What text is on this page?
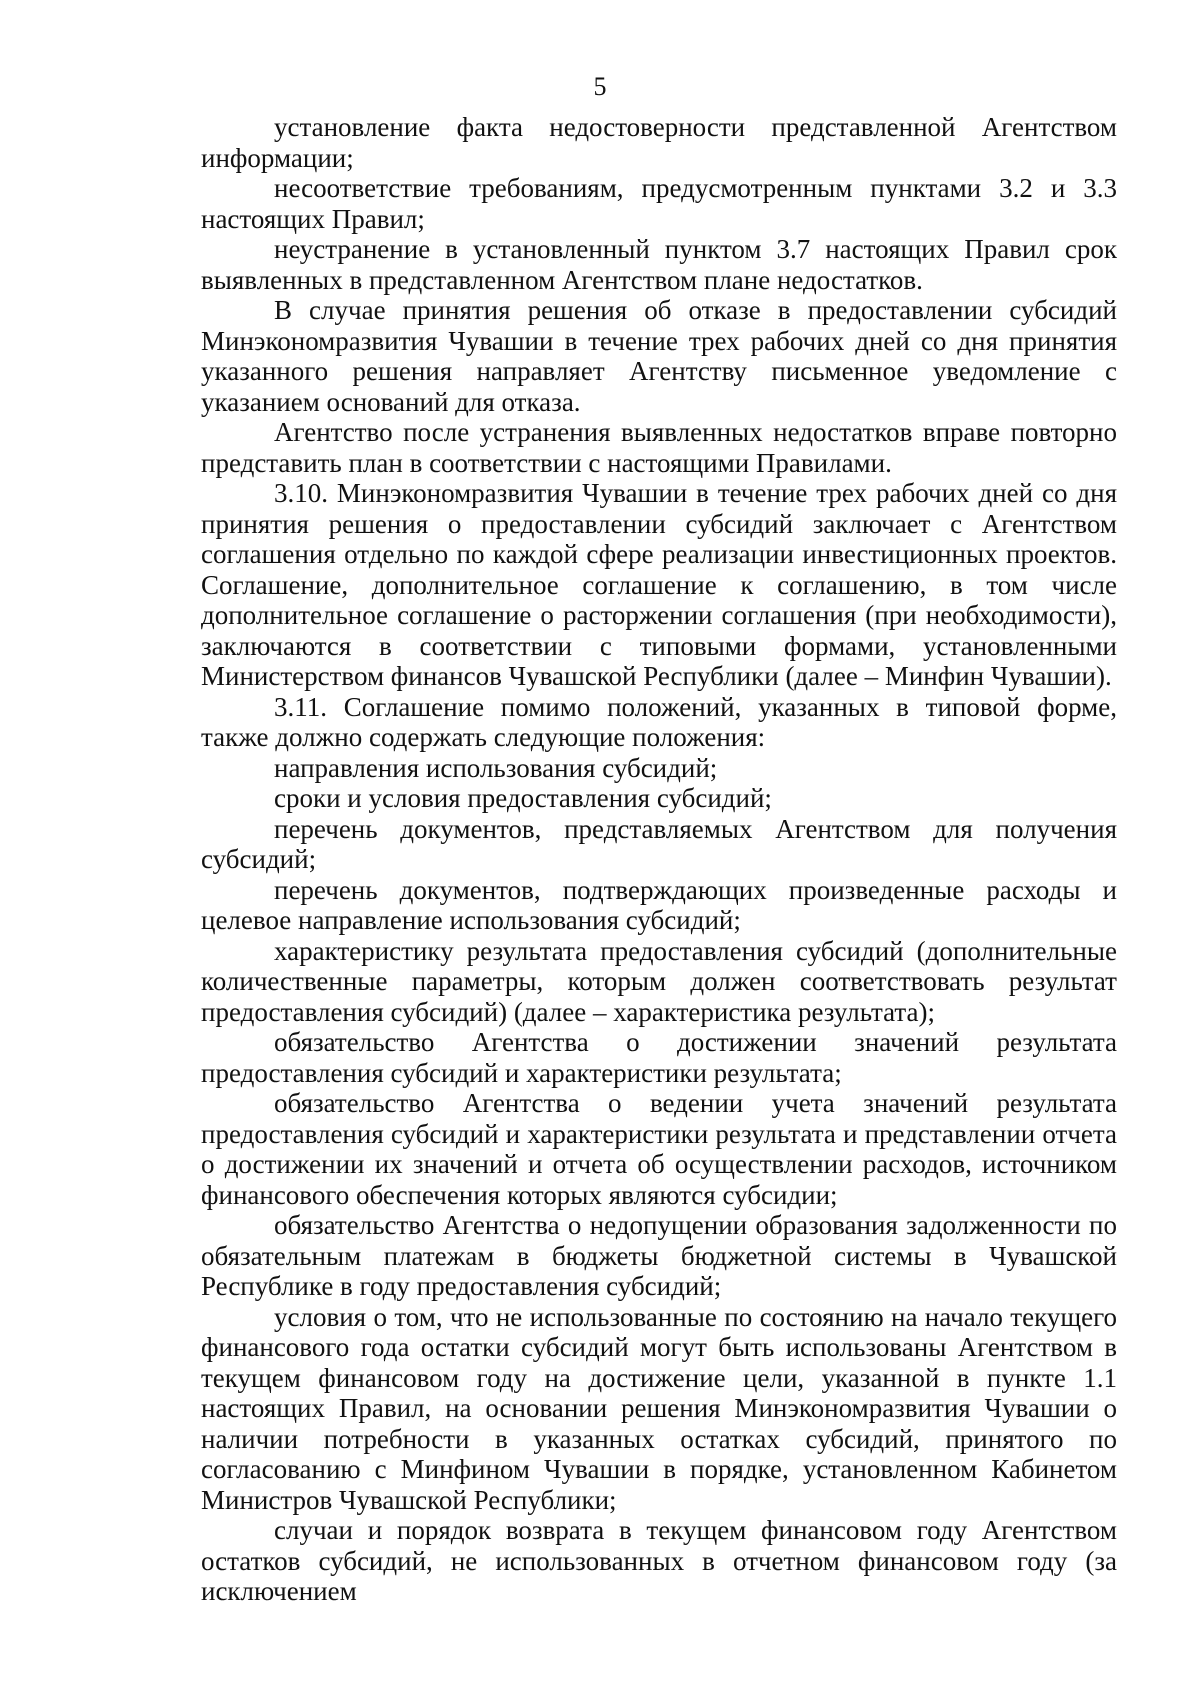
5

установление факта недостоверности представленной Агентством информации;

несоответствие требованиям, предусмотренным пунктами 3.2 и 3.3 настоящих Правил;

неустранение в установленный пунктом 3.7 настоящих Правил срок выявленных в представленном Агентством плане недостатков.

В случае принятия решения об отказе в предоставлении субсидий Минэкономразвития Чувашии в течение трех рабочих дней со дня принятия указанного решения направляет Агентству письменное уведомление с указанием оснований для отказа.

Агентство после устранения выявленных недостатков вправе повторно представить план в соответствии с настоящими Правилами.

3.10. Минэкономразвития Чувашии в течение трех рабочих дней со дня принятия решения о предоставлении субсидий заключает с Агентством соглашения отдельно по каждой сфере реализации инвестиционных проектов. Соглашение, дополнительное соглашение к соглашению, в том числе дополнительное соглашение о расторжении соглашения (при необходимости), заключаются в соответствии с типовыми формами, установленными Министерством финансов Чувашской Республики (далее – Минфин Чувашии).

3.11. Соглашение помимо положений, указанных в типовой форме, также должно содержать следующие положения:

направления использования субсидий;

сроки и условия предоставления субсидий;

перечень документов, представляемых Агентством для получения субсидий;

перечень документов, подтверждающих произведенные расходы и целевое направление использования субсидий;

характеристику результата предоставления субсидий (дополнительные количественные параметры, которым должен соответствовать результат предоставления субсидий) (далее – характеристика результата);

обязательство Агентства о достижении значений результата предоставления субсидий и характеристики результата;

обязательство Агентства о ведении учета значений результата предоставления субсидий и характеристики результата и представлении отчета о достижении их значений и отчета об осуществлении расходов, источником финансового обеспечения которых являются субсидии;

обязательство Агентства о недопущении образования задолженности по обязательным платежам в бюджеты бюджетной системы в Чувашской Республике в году предоставления субсидий;

условия о том, что не использованные по состоянию на начало текущего финансового года остатки субсидий могут быть использованы Агентством в текущем финансовом году на достижение цели, указанной в пункте 1.1 настоящих Правил, на основании решения Минэкономразвития Чувашии о наличии потребности в указанных остатках субсидий, принятого по согласованию с Минфином Чувашии в порядке, установленном Кабинетом Министров Чувашской Республики;

случаи и порядок возврата в текущем финансовом году Агентством остатков субсидий, не использованных в отчетном финансовом году (за исключением
